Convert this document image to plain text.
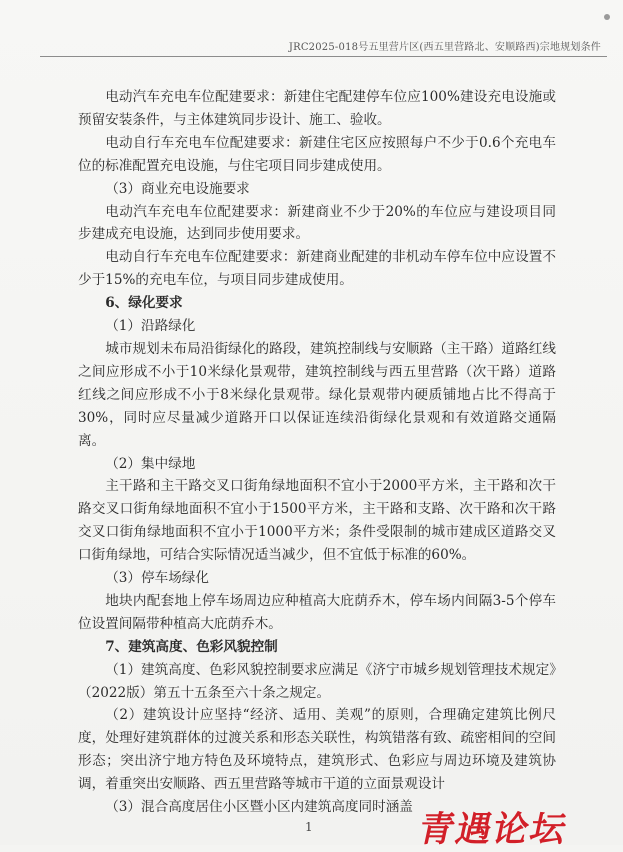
JRC2025-018号五里营片区(西五里营路北、安顺路西)宗地规划条件

电动汽车充电车位配建要求：新建住宅配建停车位应100%建设充电设施或预留安装条件，与主体建筑同步设计、施工、验收。

电动自行车充电车位配建要求：新建住宅区应按照每户不少于0.6个充电车位的标准配置充电设施，与住宅项目同步建成使用。

（3）商业充电设施要求

电动汽车充电车位配建要求：新建商业不少于20%的车位应与建设项目同步建成充电设施，达到同步使用要求。

电动自行车充电车位配建要求：新建商业配建的非机动车停车位中应设置不少于15%的充电车位，与项目同步建成使用。

6、绿化要求

（1）沿路绿化

城市规划未布局沿街绿化的路段，建筑控制线与安顺路（主干路）道路红线之间应形成不小于10米绿化景观带，建筑控制线与西五里营路（次干路）道路红线之间应形成不小于8米绿化景观带。绿化景观带内硬质铺地占比不得高于30%，同时应尽量减少道路开口以保证连续沿街绿化景观和有效道路交通隔离。

（2）集中绿地

主干路和主干路交叉口街角绿地面积不宜小于2000平方米，主干路和次干路交叉口街角绿地面积不宜小于1500平方米，主干路和支路、次干路和次干路交叉口街角绿地面积不宜小于1000平方米；条件受限制的城市建成区道路交叉口街角绿地，可结合实际情况适当减少，但不宜低于标准的60%。

（3）停车场绿化

地块内配套地上停车场周边应种植高大庇荫乔木，停车场内间隔3-5个停车位设置间隔带种植高大庇荫乔木。

7、建筑高度、色彩风貌控制

（1）建筑高度、色彩风貌控制要求应满足《济宁市城乡规划管理技术规定》（2022版）第五十五条至六十条之规定。

（2）建筑设计应坚持“经济、适用、美观”的原则，合理确定建筑比例尺度，处理好建筑群体的过渡关系和形态关联性，构筑错落有致、疏密相间的空间形态；突出济宁地方特色及环境特点，建筑形式、色彩应与周边环境及建筑协调，着重突出安顺路、西五里营路等城市干道的立面景观设计

（3）混合高度居住小区暨小区内建筑高度同时涵盖

1	青遇论坛
